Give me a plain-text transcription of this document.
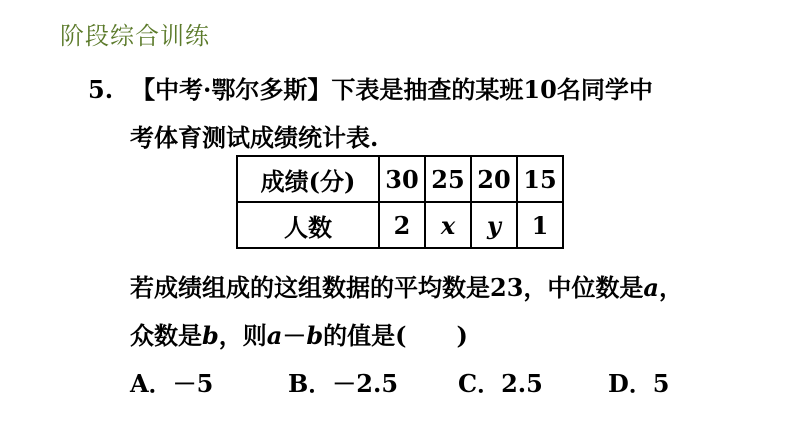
阶段综合训练
5. 【中考·鄂尔多斯】下表是抽查的某班10名同学中
考体育测试成绩统计表.
成绩(分)	30	25	20	15
人数	2	x	y	1
若成绩组成的这组数据的平均数是23，中位数是a，
众数是b，则a－b的值是( )
A．－5	B．－2.5 C．2.5	D．5
